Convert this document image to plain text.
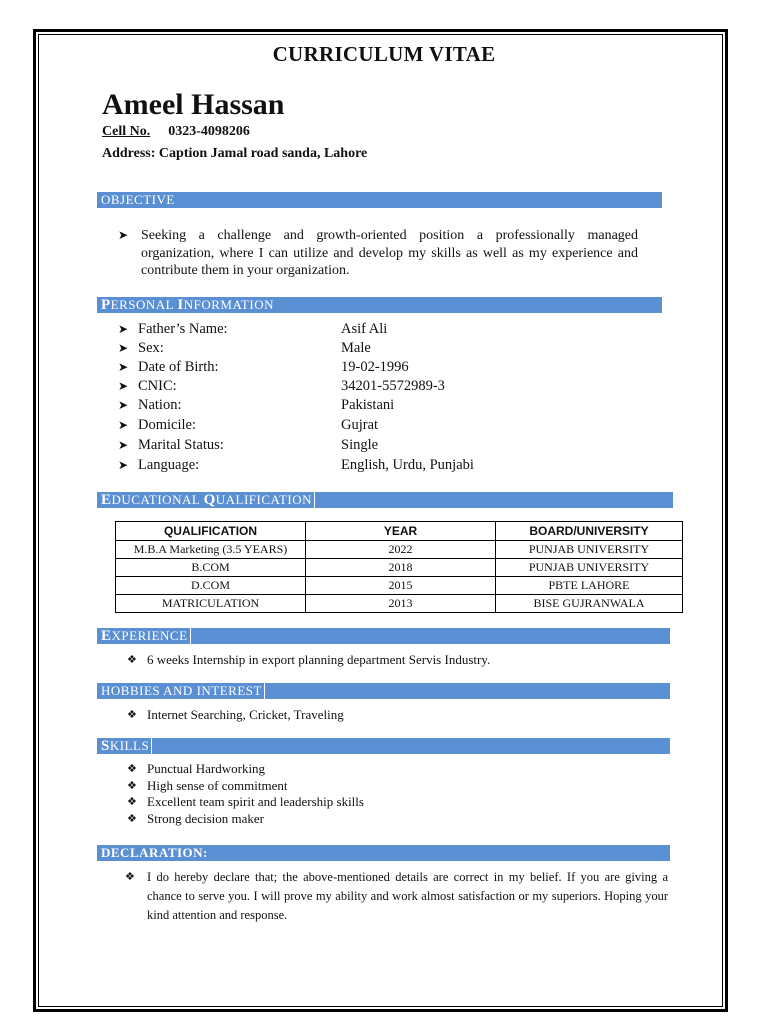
CURRICULUM VITAE
Ameel Hassan
Cell No. 0323-4098206
Address: Caption Jamal road sanda, Lahore
OBJECTIVE
➤ Seeking a challenge and growth-oriented position a professionally managed organization, where I can utilize and develop my skills as well as my experience and contribute them in your organization.
PERSONAL INFORMATION
➤ Father’s Name:	Asif Ali
➤ Sex:	Male
➤ Date of Birth:	19-02-1996
➤ CNIC:	34201-5572989-3
➤ Nation:	Pakistani
➤ Domicile:	Gujrat
➤ Marital Status:	Single
➤ Language:	English, Urdu, Punjabi
EDUCATIONAL QUALIFICATION
QUALIFICATION	YEAR	BOARD/UNIVERSITY
M.B.A Marketing (3.5 YEARS)	2022	PUNJAB UNIVERSITY
B.COM	2018	PUNJAB UNIVERSITY
D.COM	2015	PBTE LAHORE
MATRICULATION	2013	BISE GUJRANWALA
EXPERIENCE
❖ 6 weeks Internship in export planning department Servis Industry.
HOBBIES AND INTEREST
❖ Internet Searching, Cricket, Traveling
SKILLS
❖ Punctual Hardworking
❖ High sense of commitment
❖ Excellent team spirit and leadership skills
❖ Strong decision maker
DECLARATION:
❖ I do hereby declare that; the above-mentioned details are correct in my belief. If you are giving a chance to serve you. I will prove my ability and work almost satisfaction or my superiors. Hoping your kind attention and response.
